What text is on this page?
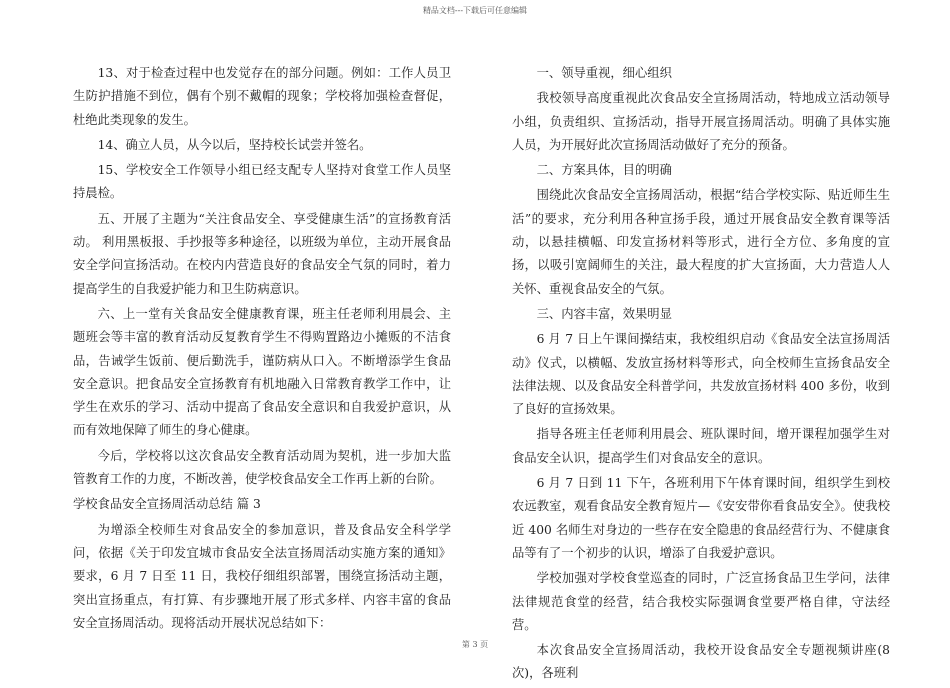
精品文档---下载后可任意编辑

13、对于检查过程中也发觉存在的部分问题。例如：工作人员卫生防护措施不到位，偶有个别不戴帽的现象；学校将加强检查督促，杜绝此类现象的发生。

14、确立人员，从今以后，坚持校长试尝并签名。

15、学校安全工作领导小组已经支配专人坚持对食堂工作人员坚持晨检。

五、开展了主题为“关注食品安全、享受健康生活”的宣扬教育活动。 利用黑板报、手抄报等多种途径，以班级为单位，主动开展食品安全学问宣扬活动。在校内内营造良好的食品安全气氛的同时，着力提高学生的自我爱护能力和卫生防病意识。

六、上一堂有关食品安全健康教育课，班主任老师利用晨会、主题班会等丰富的教育活动反复教育学生不得购置路边小摊贩的不洁食品，告诫学生饭前、便后勤洗手，谨防病从口入。不断增添学生食品安全意识。把食品安全宣扬教育有机地融入日常教育教学工作中，让学生在欢乐的学习、活动中提高了食品安全意识和自我爱护意识，从而有效地保障了师生的身心健康。

今后，学校将以这次食品安全教育活动周为契机，进一步加大监管教育工作的力度，不断改善，使学校食品安全工作再上新的台阶。

学校食品安全宣扬周活动总结 篇 3

为增添全校师生对食品安全的参加意识，普及食品安全科学学问，依据《关于印发宜城市食品安全法宣扬周活动实施方案的通知》要求，6 月 7 日至 11 日，我校仔细组织部署，围绕宣扬活动主题，突出宣扬重点，有打算、有步骤地开展了形式多样、内容丰富的食品安全宣扬周活动。现将活动开展状况总结如下：

一、领导重视，细心组织

我校领导高度重视此次食品安全宣扬周活动，特地成立活动领导小组，负责组织、宣扬活动，指导开展宣扬周活动。明确了具体实施人员，为开展好此次宣扬周活动做好了充分的预备。

二、方案具体，目的明确

围绕此次食品安全宣扬周活动，根据“结合学校实际、贴近师生生活”的要求，充分利用各种宣扬手段，通过开展食品安全教育课等活动，以悬挂横幅、印发宣扬材料等形式，进行全方位、多角度的宣扬，以吸引宽阔师生的关注，最大程度的扩大宣扬面，大力营造人人关怀、重视食品安全的气氛。

三、内容丰富，效果明显

6 月 7 日上午课间操结束，我校组织启动《食品安全法宣扬周活动》仪式，以横幅、发放宣扬材料等形式，向全校师生宣扬食品安全法律法规、以及食品安全科普学问，共发放宣扬材料 400 多份，收到了良好的宣扬效果。

指导各班主任老师利用晨会、班队课时间，增开课程加强学生对食品安全认识，提高学生们对食品安全的意识。

6 月 7 日到 11 下午，各班利用下午体育课时间，组织学生到校农远教室，观看食品安全教育短片—《安安带你看食品安全》。使我校近 400 名师生对身边的一些存在安全隐患的食品经营行为、不健康食品等有了一个初步的认识，增添了自我爱护意识。

学校加强对学校食堂巡查的同时，广泛宣扬食品卫生学问，法律法律规范食堂的经营，结合我校实际强调食堂要严格自律，守法经营。

本次食品安全宣扬周活动，我校开设食品安全专题视频讲座(8次)，各班利

第 3 页
